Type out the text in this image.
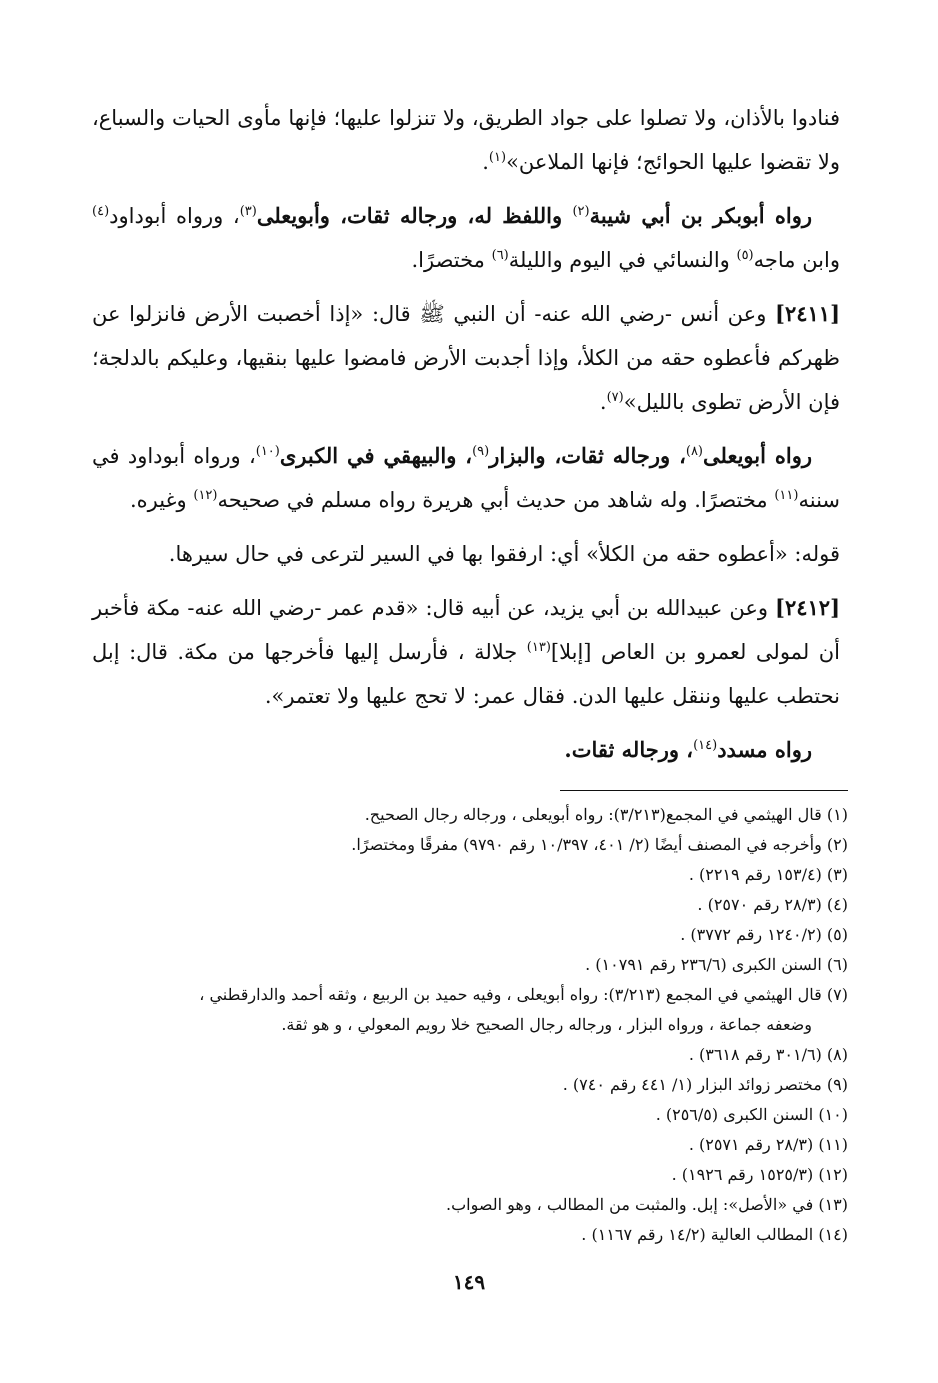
فنادوا بالأذان، ولا تصلوا على جواد الطريق، ولا تنزلوا عليها؛ فإنها مأوى الحيات والسباع، ولا تقضوا عليها الحوائج؛ فإنها الملاعن»$^{(١)}$.

رواه أبوبكر بن أبي شيبة$^{(٢)}$ واللفظ له، ورجاله ثقات، وأبويعلى$^{(٣)}$، ورواه أبوداود$^{(٤)}$ وابن ماجه$^{(٥)}$ والنسائي في اليوم والليلة$^{(٦)}$ مختصرًا.

[٢٤١١] وعن أنس -رضي الله عنه- أن النبي ﷺ قال: «إذا أخصبت الأرض فانزلوا عن ظهركم فأعطوه حقه من الكلأ، وإذا أجدبت الأرض فامضوا عليها بنقيها، وعليكم بالدلجة؛ فإن الأرض تطوى بالليل»$^{(٧)}$.

رواه أبويعلى$^{(٨)}$، ورجاله ثقات، والبزار$^{(٩)}$، والبيهقي في الكبرى$^{(١٠)}$، ورواه أبوداود في سننه$^{(١١)}$ مختصرًا. وله شاهد من حديث أبي هريرة رواه مسلم في صحيحه$^{(١٢)}$ وغيره.

قوله: «أعطوه حقه من الكلأ» أي: ارفقوا بها في السير لترعى في حال سيرها.

[٢٤١٢] وعن عبيدالله بن أبي يزيد، عن أبيه قال: «قدم عمر -رضي الله عنه- مكة فأخبر أن لمولى لعمرو بن العاص [إبلا]$^{(١٣)}$ جلالة ، فأرسل إليها فأخرجها من مكة. قال: إبل نحتطب عليها وننقل عليها الدن. فقال عمر: لا تحج عليها ولا تعتمر».

رواه مسدد$^{(١٤)}$، ورجاله ثقات.

(١) قال الهيثمي في المجمع(٣/٢١٣): رواه أبويعلى ، ورجاله رجال الصحيح.

(٢) وأخرجه في المصنف أيضًا (٢/ ٤٠١، ١٠/٣٩٧ رقم ٩٧٩٠) مفرقًا ومختصرًا.

(٣) (١٥٣/٤ رقم ٢٢١٩) .

(٤) (٢٨/٣ رقم ٢٥٧٠) .

(٥) (١٢٤٠/٢ رقم ٣٧٧٢) .

(٦) السنن الكبرى (٢٣٦/٦ رقم ١٠٧٩١) .

(٧) قال الهيثمي في المجمع (٣/٢١٣): رواه أبويعلى ، وفيه حميد بن الربيع ، وثقه أحمد والدارقطني ،

وضعفه جماعة ، ورواه البزار ، ورجاله رجال الصحيح خلا رويم المعولي ، و هو ثقة.

(٨) (٣٠١/٦ رقم ٣٦١٨) .

(٩) مختصر زوائد البزار (١/ ٤٤١ رقم ٧٤٠) .

(١٠) السنن الكبرى (٢٥٦/٥) .

(١١) (٢٨/٣ رقم ٢٥٧١) .

(١٢) (١٥٢٥/٣ رقم ١٩٢٦) .

(١٣) في «الأصل»: إبل. والمثبت من المطالب ، وهو الصواب.

(١٤) المطالب العالية (١٤/٢ رقم ١١٦٧) .

١٤٩
